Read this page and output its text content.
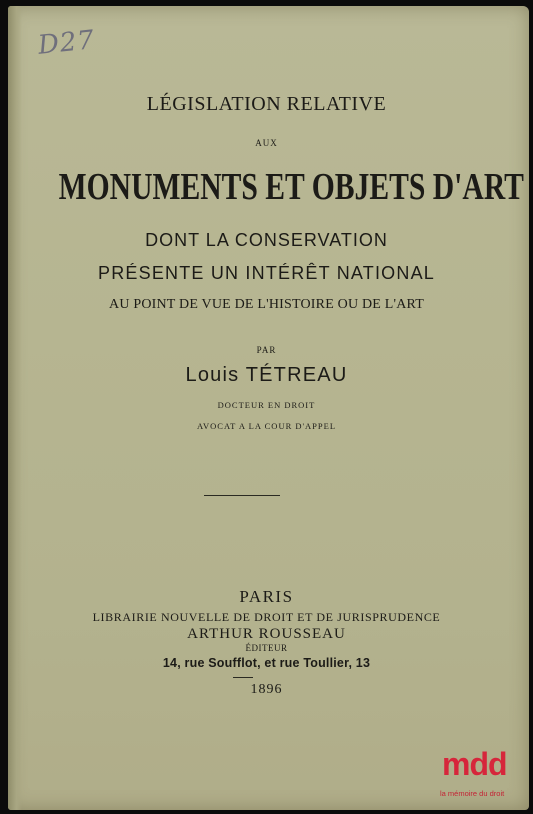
D27
LÉGISLATION RELATIVE
AUX
MONUMENTS ET OBJETS D'ART
DONT LA CONSERVATION
PRÉSENTE UN INTÉRÊT NATIONAL
AU POINT DE VUE DE L'HISTOIRE OU DE L'ART
PAR
Louis TÉTREAU
DOCTEUR EN DROIT
AVOCAT A LA COUR D'APPEL
PARIS
LIBRAIRIE NOUVELLE DE DROIT ET DE JURISPRUDENCE
ARTHUR ROUSSEAU
ÉDITEUR
14, rue Soufflot, et rue Toullier, 13
1896
mdd
la mémoire du droit
